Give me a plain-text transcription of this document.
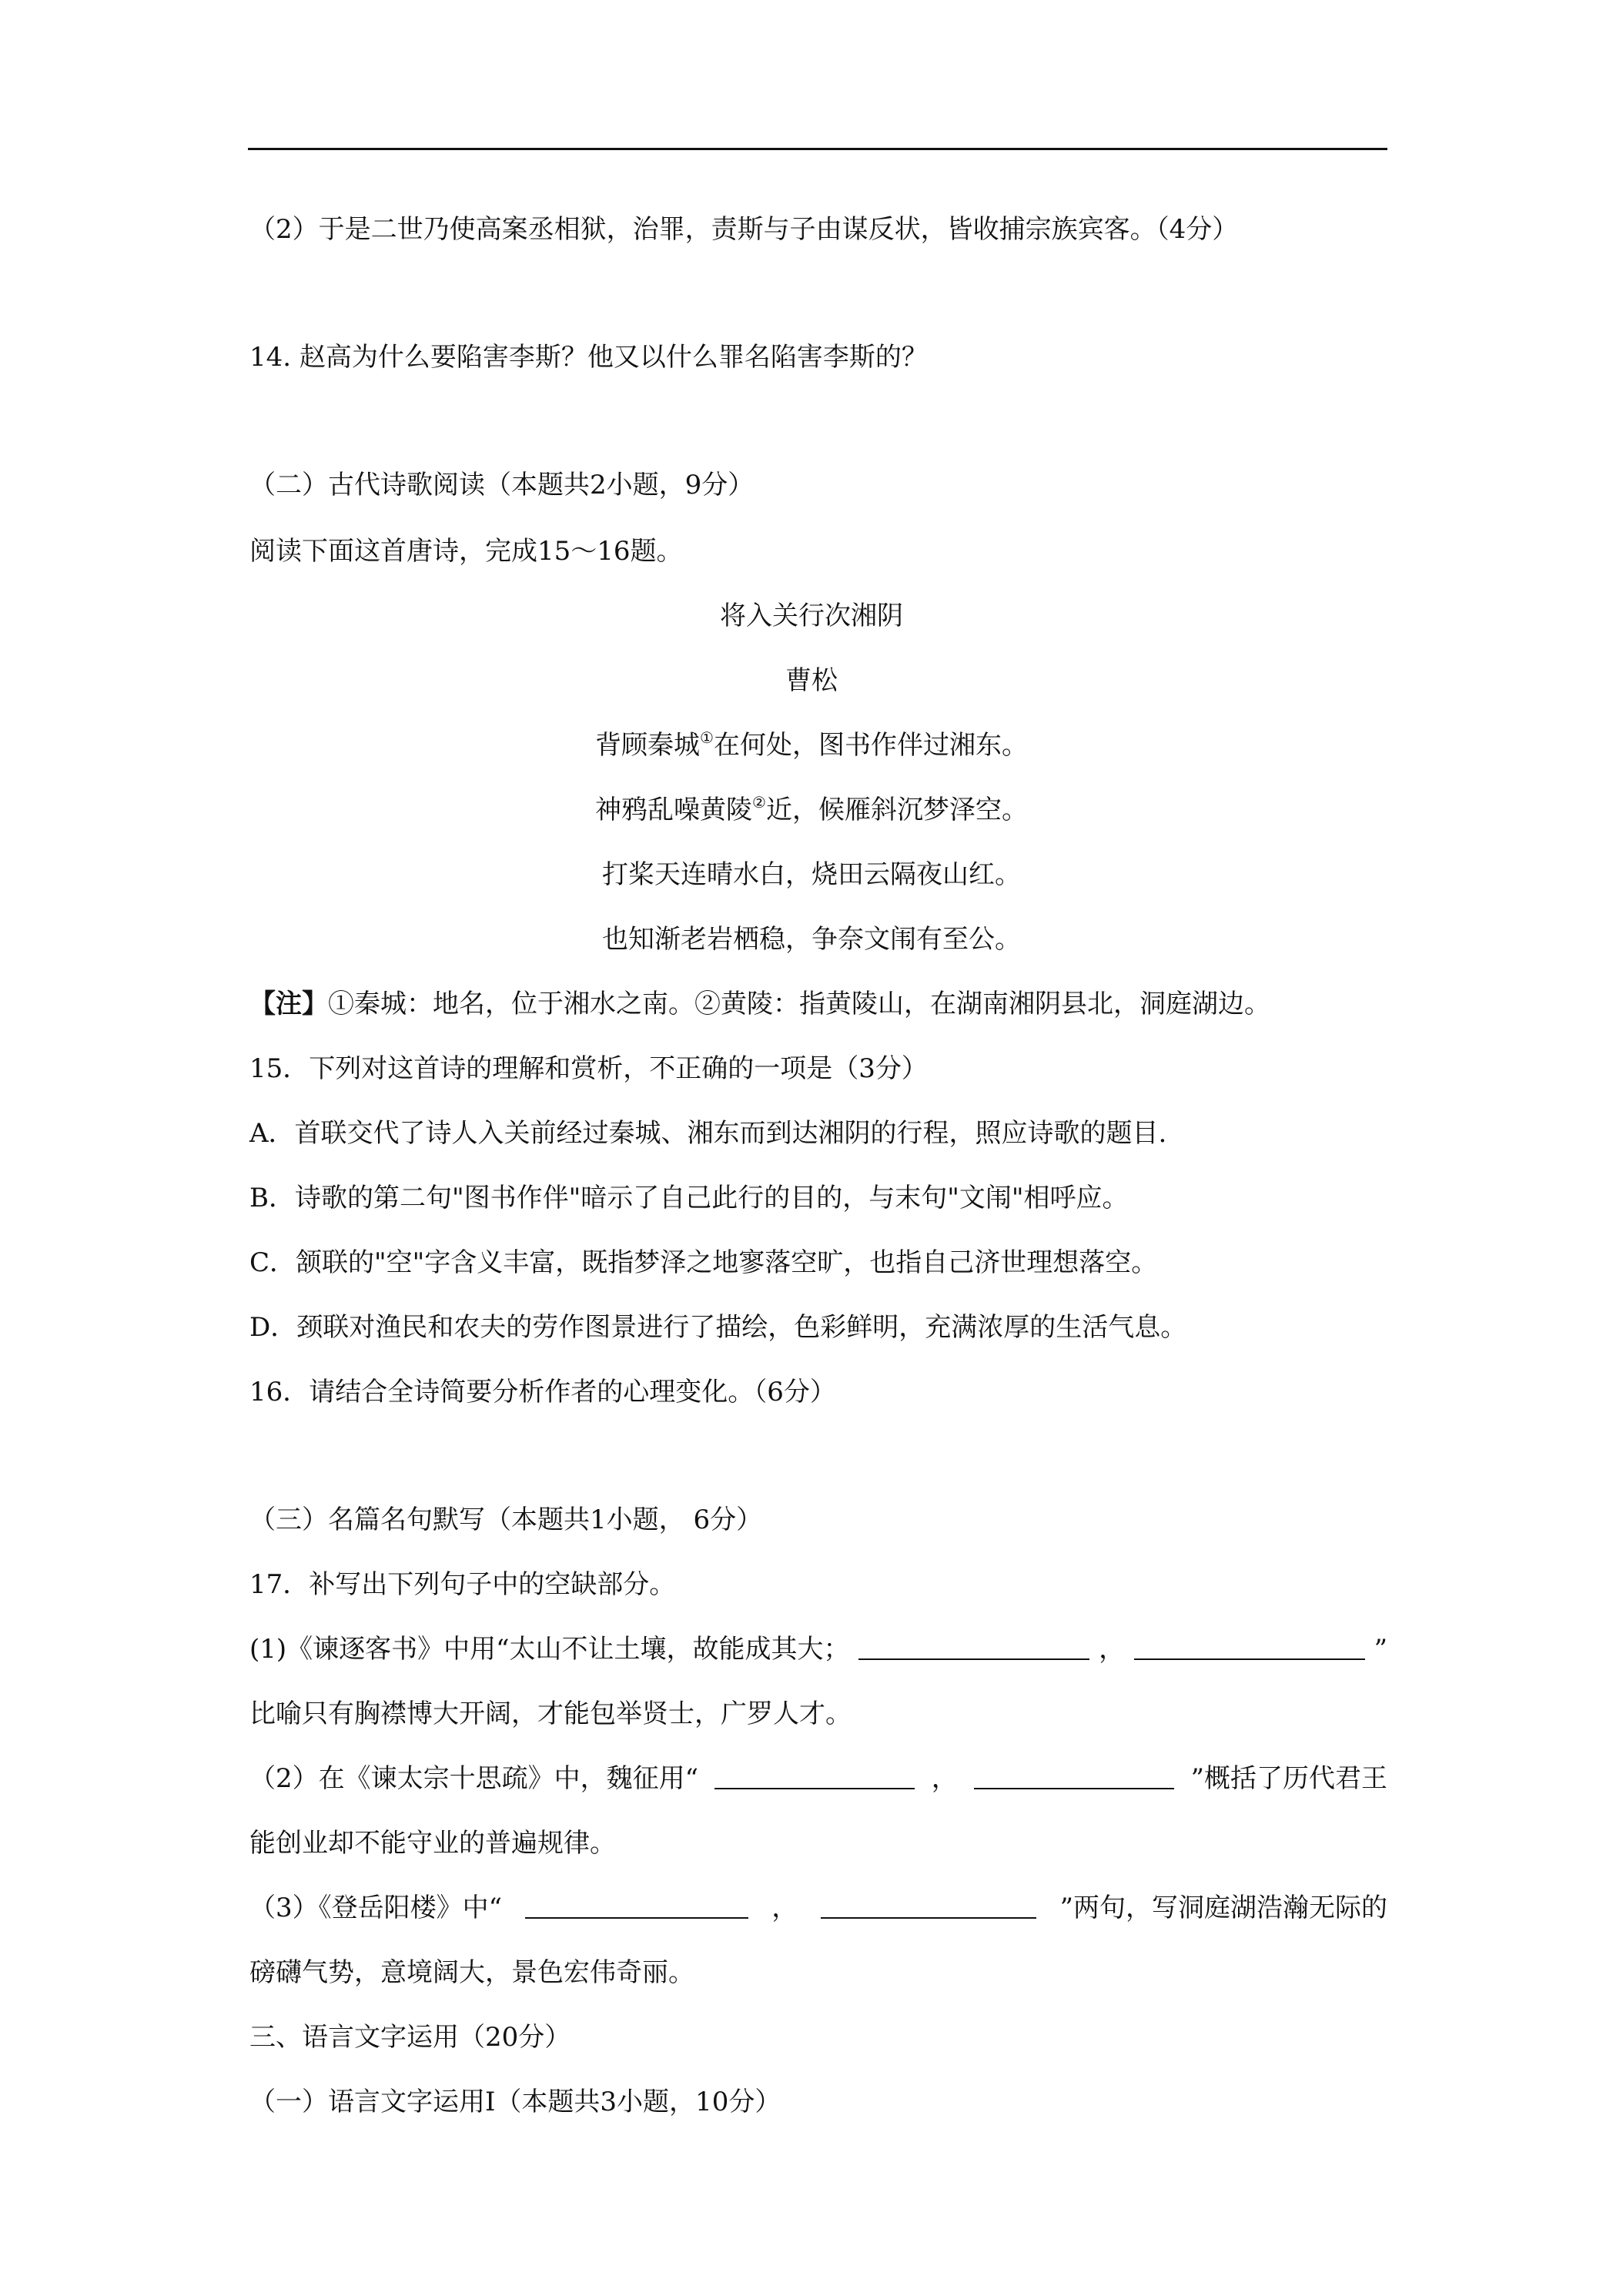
（2）于是二世乃使高案丞相狱，治罪，责斯与子由谋反状，皆收捕宗族宾客。（4分）
14. 赵高为什么要陷害李斯？他又以什么罪名陷害李斯的？
（二）古代诗歌阅读（本题共2小题，9分）
阅读下面这首唐诗，完成15～16题。
将入关行次湘阴
曹松
背顾秦城①在何处，图书作伴过湘东。
神鸦乱噪黄陵②近，候雁斜沉梦泽空。
打桨天连晴水白，烧田云隔夜山红。
也知渐老岩栖稳，争奈文闱有至公。
【注】①秦城：地名，位于湘水之南。②黄陵：指黄陵山，在湖南湘阴县北，洞庭湖边。
15．下列对这首诗的理解和赏析，不正确的一项是（3分）
A．首联交代了诗人入关前经过秦城、湘东而到达湘阴的行程，照应诗歌的题目.
B．诗歌的第二句"图书作伴"暗示了自己此行的目的，与末句"文闱"相呼应。
C．颔联的"空"字含义丰富，既指梦泽之地寥落空旷，也指自己济世理想落空。
D．颈联对渔民和农夫的劳作图景进行了描绘，色彩鲜明，充满浓厚的生活气息。
16．请结合全诗简要分析作者的心理变化。（6分）
（三）名篇名句默写（本题共1小题， 6分）
17．补写出下列句子中的空缺部分。
(1)《谏逐客书》中用“太山不让土壤，故能成其大；	，	”
比喻只有胸襟博大开阔，才能包举贤士，广罗人才。
（2）在《谏太宗十思疏》中，魏征用“	，	”概括了历代君王
能创业却不能守业的普遍规律。
（3）《登岳阳楼》中“	，	”两句，写洞庭湖浩瀚无际的
磅礴气势，意境阔大，景色宏伟奇丽。
三、语言文字运用（20分）
（一）语言文字运用Ⅰ（本题共3小题，10分）
